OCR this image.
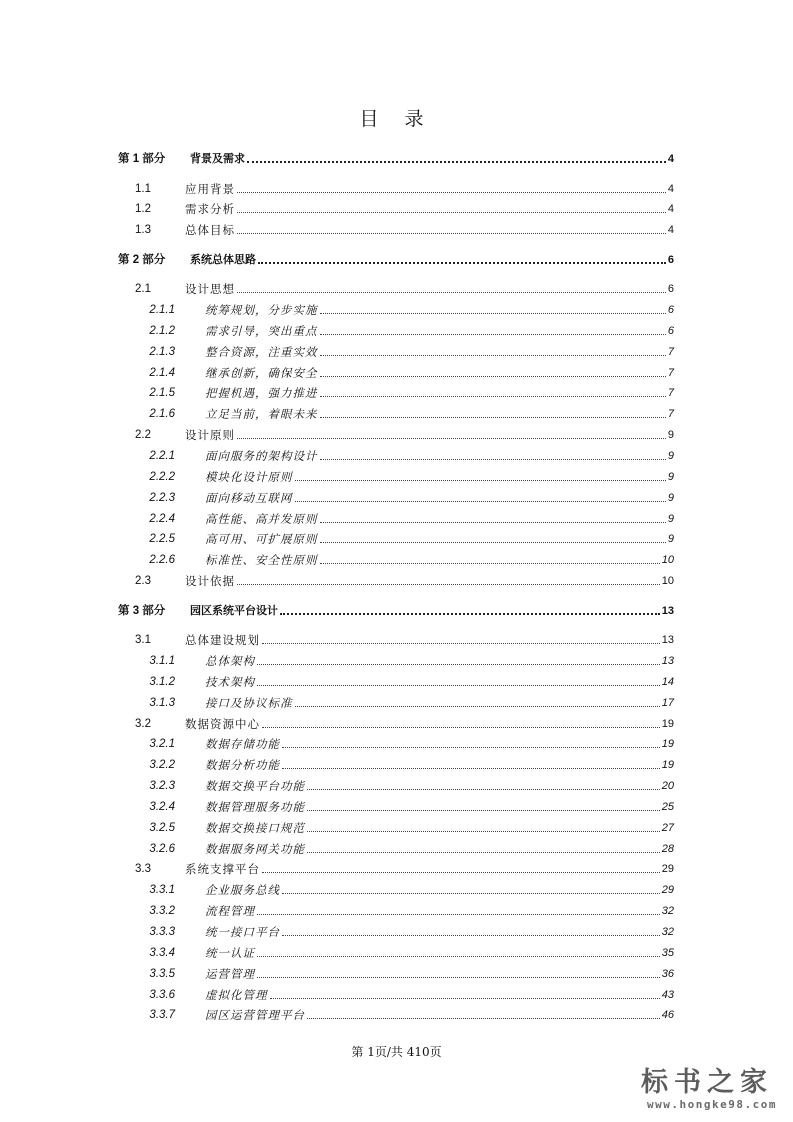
目 录
第 1 部分	背景及需求	4
1.1	应用背景	4
1.2	需求分析	4
1.3	总体目标	4
第 2 部分	系统总体思路	6
2.1	设计思想	6
2.1.1	统筹规划，分步实施	6
2.1.2	需求引导，突出重点	6
2.1.3	整合资源，注重实效	7
2.1.4	继承创新，确保安全	7
2.1.5	把握机遇，强力推进	7
2.1.6	立足当前，着眼未来	7
2.2	设计原则	9
2.2.1	面向服务的架构设计	9
2.2.2	模块化设计原则	9
2.2.3	面向移动互联网	9
2.2.4	高性能、高并发原则	9
2.2.5	高可用、可扩展原则	9
2.2.6	标准性、安全性原则	10
2.3	设计依据	10
第 3 部分	园区系统平台设计	13
3.1	总体建设规划	13
3.1.1	总体架构	13
3.1.2	技术架构	14
3.1.3	接口及协议标准	17
3.2	数据资源中心	19
3.2.1	数据存储功能	19
3.2.2	数据分析功能	19
3.2.3	数据交换平台功能	20
3.2.4	数据管理服务功能	25
3.2.5	数据交换接口规范	27
3.2.6	数据服务网关功能	28
3.3	系统支撑平台	29
3.3.1	企业服务总线	29
3.3.2	流程管理	32
3.3.3	统一接口平台	32
3.3.4	统一认证	35
3.3.5	运营管理	36
3.3.6	虚拟化管理	43
3.3.7	园区运营管理平台	46
第 1页/共 410页
标书之家
www.hongke98.com
